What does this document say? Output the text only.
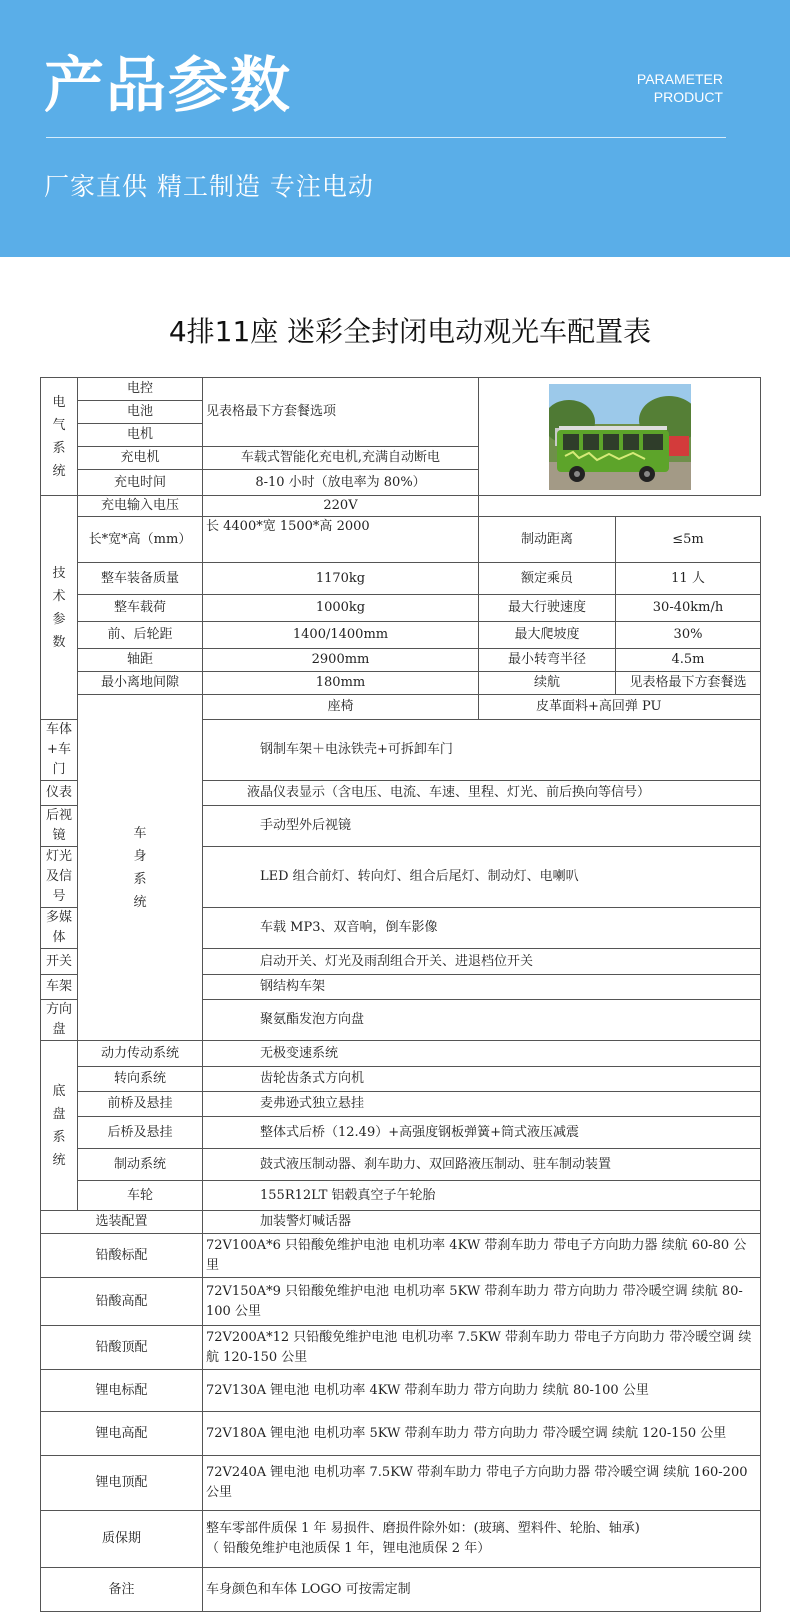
产品参数	PARAMETER
PRODUCT
厂家直供 精工制造 专注电动
4排11座 迷彩全封闭电动观光车配置表
电
气
系
统	电控	见表格最下方套餐选项	
	电池			
	电机			
	充电机	车载式智能化充电机,充满自动断电		
	充电时间	8-10 小时（放电率为 80%）		

技
术
参
数	充电输入电压	220V		
	长*宽*高（mm）	长 4400*宽 1500*高 2000	制动距离	≤5m
	整车装备质量	1170kg	额定乘员	11 人
	整车载荷	1000kg	最大行驶速度	30-40km/h
	前、后轮距	1400/1400mm	最大爬坡度	30%
	轴距	2900mm	最小转弯半径	4.5m
	最小离地间隙	180mm	续航	见表格最下方套餐选

	车
身
系
统	座椅	皮革面料+高回弹 PU	
车体+车门		钢制车架＋电泳铁壳+可拆卸车门		
仪表		液晶仪表显示（含电压、电流、车速、里程、灯光、前后换向等信号）		
后视镜		手动型外后视镜		
灯光及信号		LED 组合前灯、转向灯、组合后尾灯、制动灯、电喇叭		
多媒体		车载 MP3、双音响，倒车影像		
开关		启动开关、灯光及雨刮组合开关、进退档位开关		
车架		钢结构车架		
方向盘		聚氨酯发泡方向盘		

底
盘
系
统	动力传动系统	无极变速系统		
	转向系统	齿轮齿条式方向机		
	前桥及悬挂	麦弗逊式独立悬挂		
	后桥及悬挂	整体式后桥（12.49）+高强度钢板弹簧+筒式液压减震		
	制动系统	鼓式液压制动器、刹车助力、双回路液压制动、驻车制动装置		
	车轮	155R12LT 铝毂真空子午轮胎		
选装配置		加装警灯喊话器		
铅酸标配		72V100A*6 只铅酸免维护电池 电机功率 4KW 带刹车助力 带电子方向助力器 续航 60-80 公里		
铅酸高配		72V150A*9 只铅酸免维护电池 电机功率 5KW 带刹车助力 带方向助力 带冷暖空调 续航 80-100 公里		
铅酸顶配		72V200A*12 只铅酸免维护电池 电机功率 7.5KW 带刹车助力 带电子方向助力 带冷暖空调 续航 120-150 公里		
锂电标配		72V130A 锂电池 电机功率 4KW 带刹车助力 带方向助力 续航 80-100 公里		
锂电高配		72V180A 锂电池 电机功率 5KW 带刹车助力 带方向助力 带冷暖空调 续航 120-150 公里		
锂电顶配		72V240A 锂电池 电机功率 7.5KW 带刹车助力 带电子方向助力器 带冷暖空调 续航 160-200 公里		
质保期		整车零部件质保 1 年 易损件、磨损件除外如：(玻璃、塑料件、轮胎、轴承)
（ 铅酸免维护电池质保 1 年，锂电池质保 2 年）		

备注		车身颜色和车体 LOGO 可按需定制		
